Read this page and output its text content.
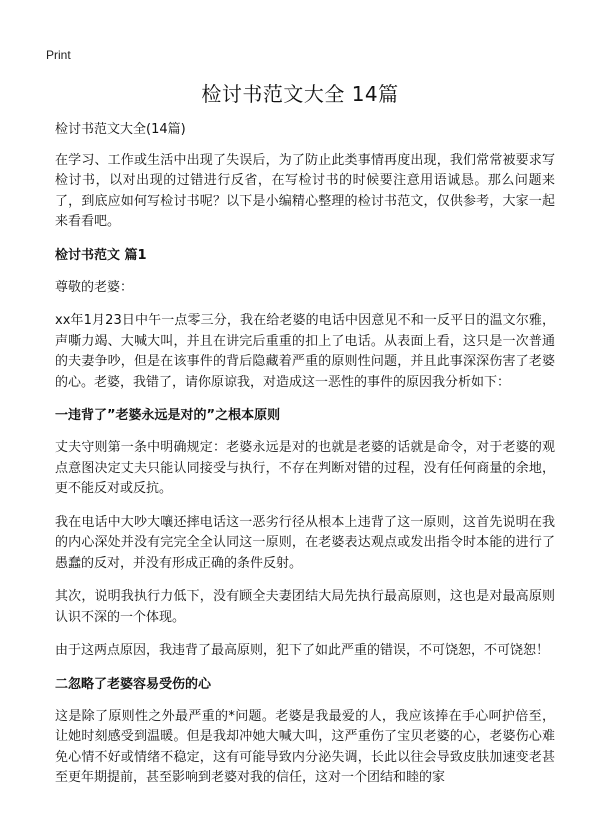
Print
检讨书范文大全 14篇

检讨书范文大全(14篇)

在学习、工作或生活中出现了失误后，为了防止此类事情再度出现，我们常常被要求写检讨书，以对出现的过错进行反省，在写检讨书的时候要注意用语诚恳。那么问题来了，到底应如何写检讨书呢？以下是小编精心整理的检讨书范文，仅供参考，大家一起来看看吧。

检讨书范文 篇1

尊敬的老婆：

xx年1月23日中午一点零三分，我在给老婆的电话中因意见不和一反平日的温文尔雅，声嘶力竭、大喊大叫，并且在讲完后重重的扣上了电话。从表面上看，这只是一次普通的夫妻争吵，但是在该事件的背后隐藏着严重的原则性问题，并且此事深深伤害了老婆的心。老婆，我错了，请你原谅我，对造成这一恶性的事件的原因我分析如下：

一违背了”老婆永远是对的”之根本原则

丈夫守则第一条中明确规定：老婆永远是对的也就是老婆的话就是命令，对于老婆的观点意图决定丈夫只能认同接受与执行，不存在判断对错的过程，没有任何商量的余地，更不能反对或反抗。

我在电话中大吵大嚷还摔电话这一恶劣行径从根本上违背了这一原则，这首先说明在我的内心深处并没有完完全全认同这一原则，在老婆表达观点或发出指令时本能的进行了愚蠢的反对，并没有形成正确的条件反射。

其次，说明我执行力低下，没有顾全夫妻团结大局先执行最高原则，这也是对最高原则认识不深的一个体现。

由于这两点原因，我违背了最高原则，犯下了如此严重的错误，不可饶恕，不可饶恕！

二忽略了老婆容易受伤的心

这是除了原则性之外最严重的*问题。老婆是我最爱的人，我应该捧在手心呵护倍至，让她时刻感受到温暖。但是我却冲她大喊大叫，这严重伤了宝贝老婆的心，老婆伤心难免心情不好或情绪不稳定，这有可能导致内分泌失调，长此以往会导致皮肤加速变老甚至更年期提前，甚至影响到老婆对我的信任，这对一个团结和睦的家
